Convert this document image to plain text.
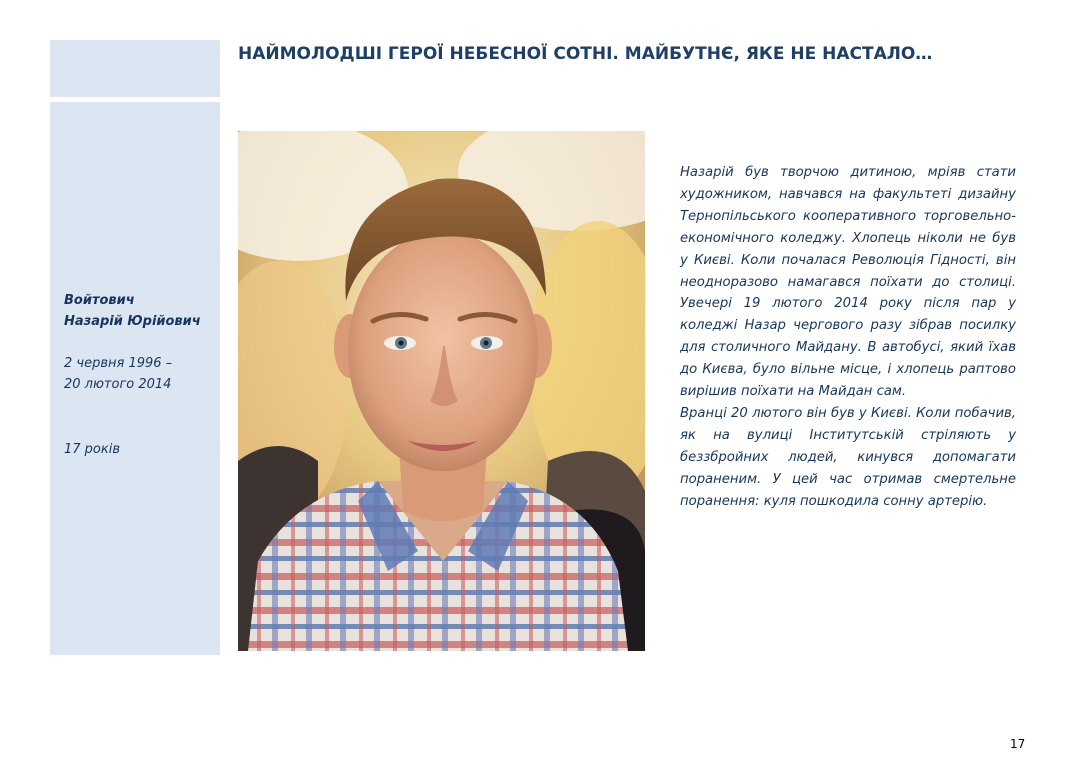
НАЙМОЛОДШІ ГЕРОЇ НЕБЕСНОЇ СОТНІ. МАЙБУТНЄ, ЯКЕ НЕ НАСТАЛО…
Войтович
Назарій Юрійович
2 червня 1996 –
20 лютого 2014
17 років

Назарій був творчою дитиною, мріяв стати художником, навчався на факультеті дизайну Тернопільського кооперативного торговельно-економічного коледжу. Хлопець ніколи не був у Києві. Коли почалася Революція Гідності, він неодноразово намагався поїхати до столиці. Увечері 19 лютого 2014 року після пар у коледжі Назар чергового разу зібрав посилку для столичного Майдану. В автобусі, який їхав до Києва, було вільне місце, і хлопець раптово вирішив поїхати на Майдан сам.

Вранці 20 лютого він був у Києві. Коли побачив, як на вулиці Інститутській стріляють у беззбройних людей, кинувся допомагати пораненим. У цей час отримав смертельне поранення: куля пошкодила сонну артерію.

17
